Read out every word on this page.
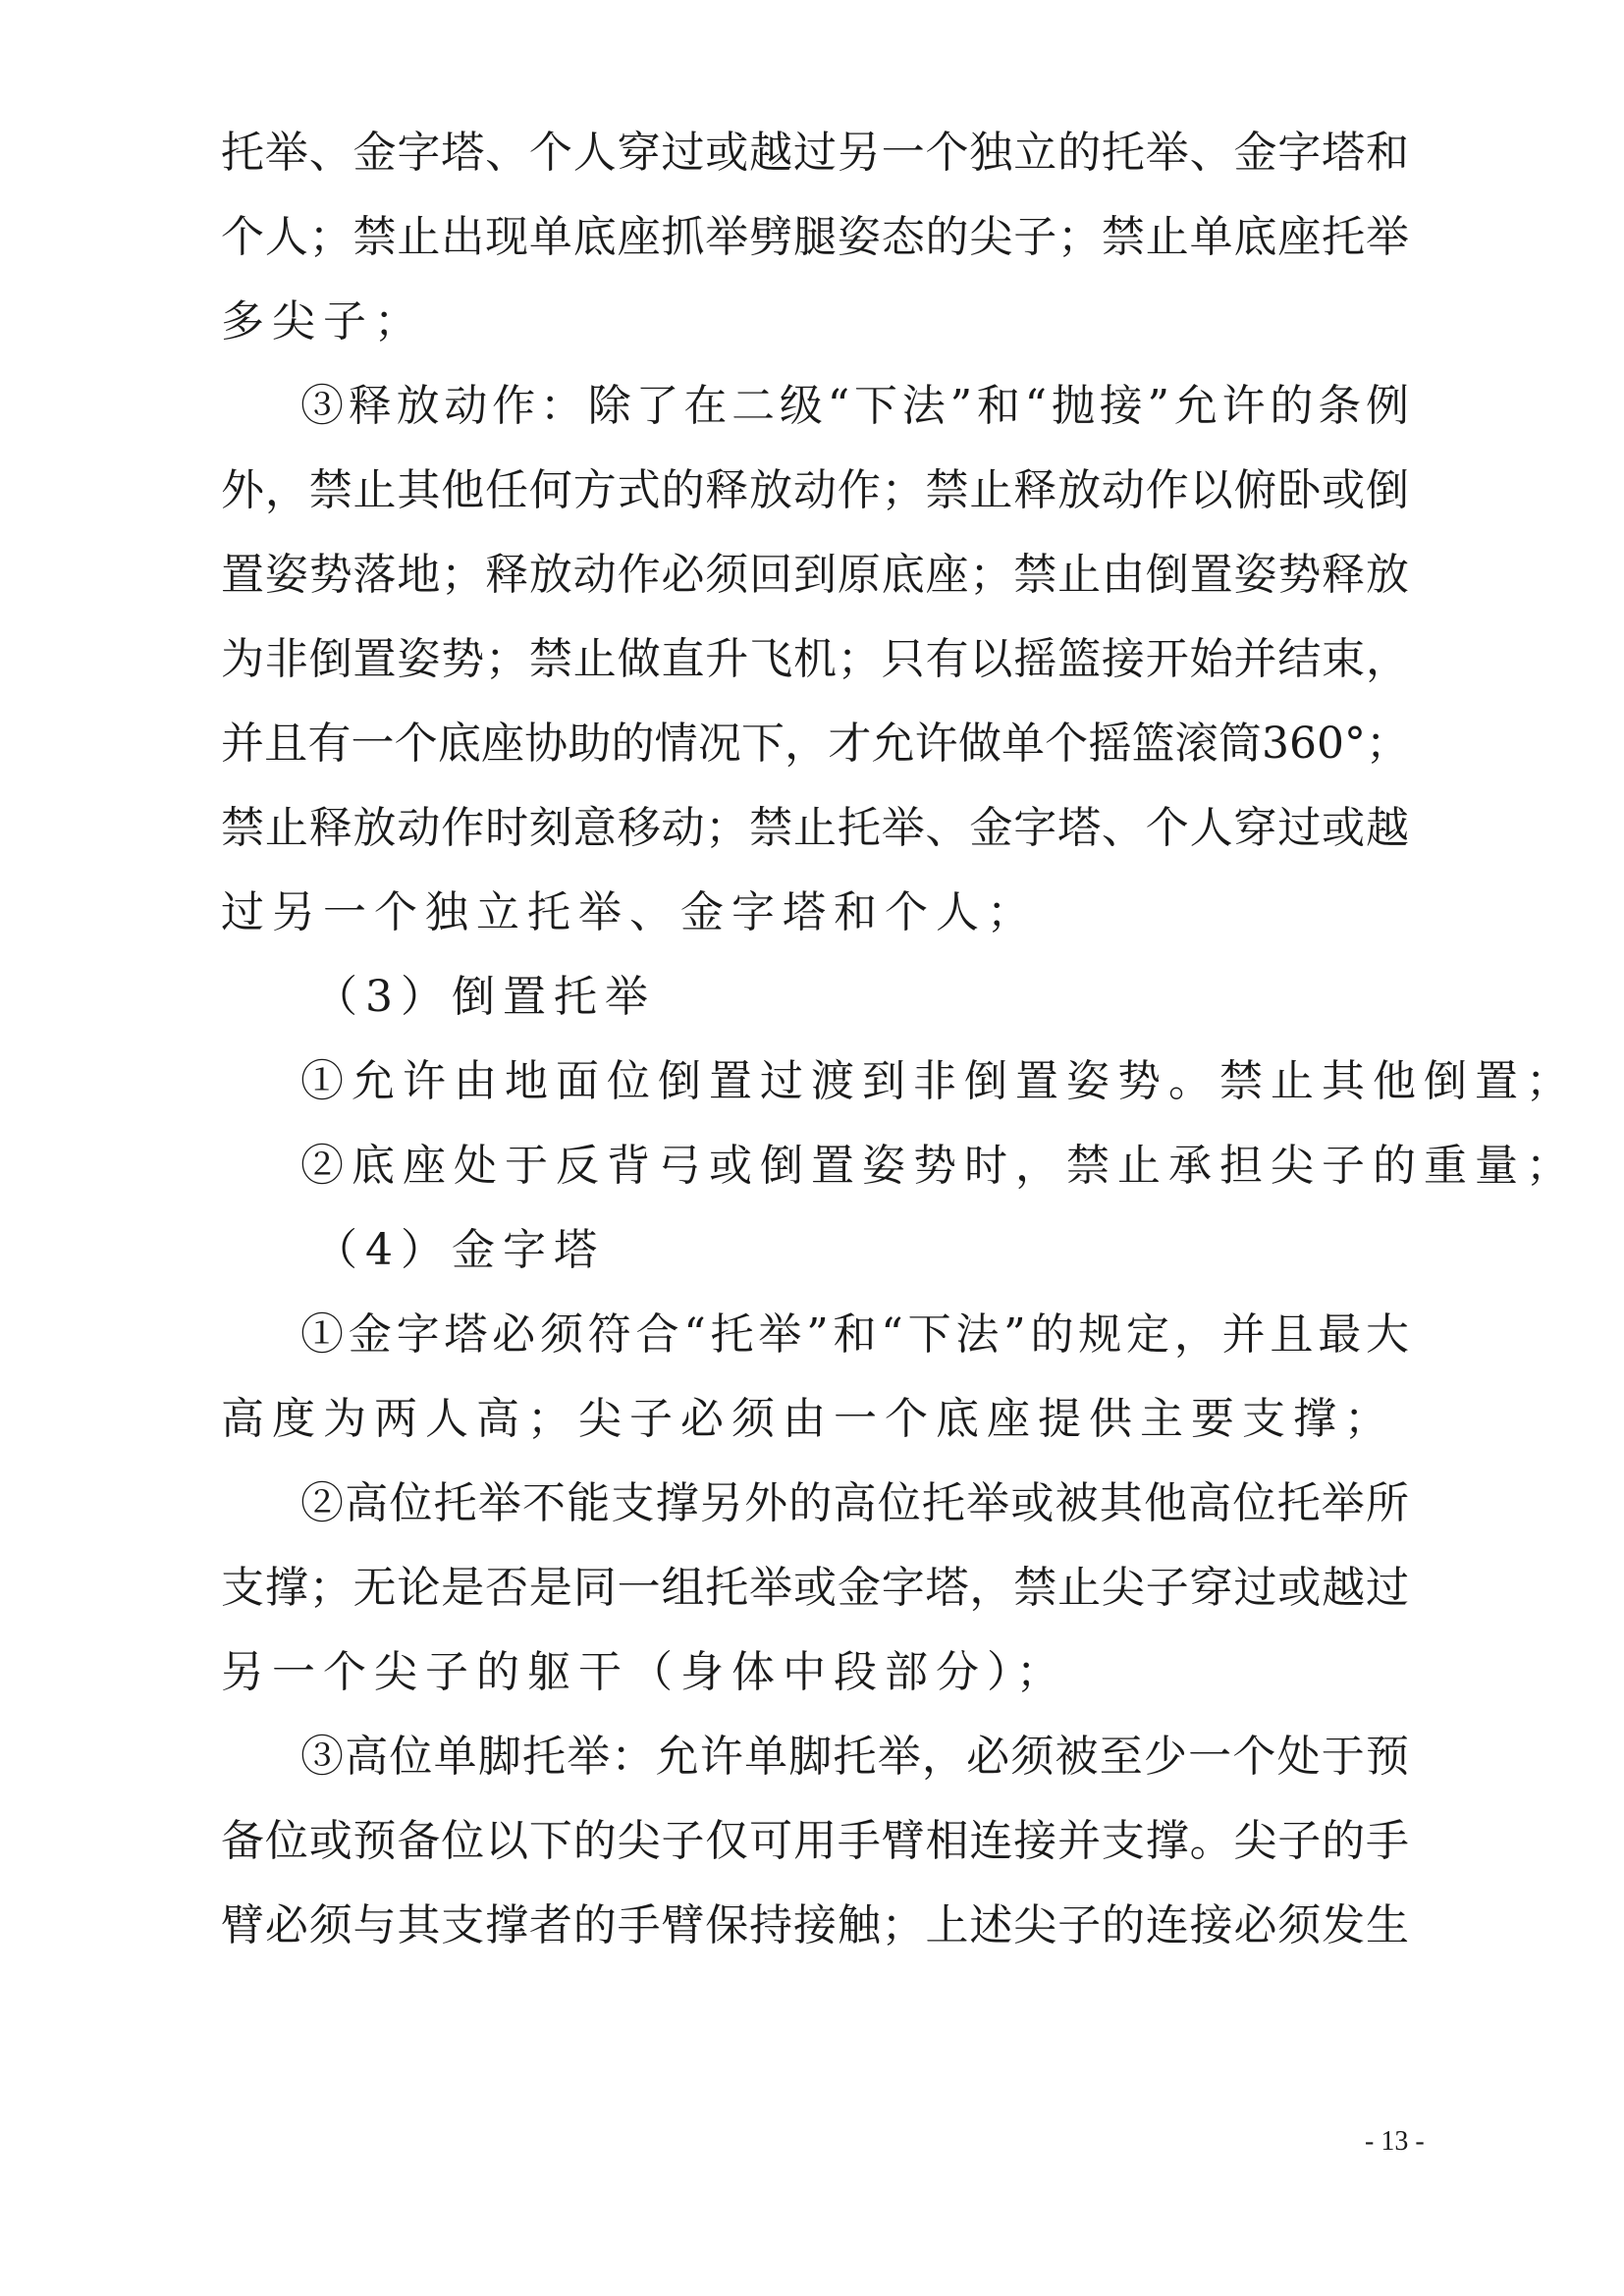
托举、金字塔、个人穿过或越过另一个独立的托举、金字塔和
个人；禁止出现单底座抓举劈腿姿态的尖子；禁止单底座托举
多尖子；
③释放动作：除了在二级“下法”和“抛接”允许的条例
外，禁止其他任何方式的释放动作；禁止释放动作以俯卧或倒
置姿势落地；释放动作必须回到原底座；禁止由倒置姿势释放
为非倒置姿势；禁止做直升飞机；只有以摇篮接开始并结束，
并且有一个底座协助的情况下，才允许做单个摇篮滚筒360°；
禁止释放动作时刻意移动；禁止托举、金字塔、个人穿过或越
过另一个独立托举、金字塔和个人；
（3）倒置托举
①允许由地面位倒置过渡到非倒置姿势。禁止其他倒置；
②底座处于反背弓或倒置姿势时，禁止承担尖子的重量；
（4）金字塔
①金字塔必须符合“托举”和“下法”的规定，并且最大
高度为两人高；尖子必须由一个底座提供主要支撑；
②高位托举不能支撑另外的高位托举或被其他高位托举所
支撑；无论是否是同一组托举或金字塔，禁止尖子穿过或越过
另一个尖子的躯干（身体中段部分）；
③高位单脚托举：允许单脚托举，必须被至少一个处于预
备位或预备位以下的尖子仅可用手臂相连接并支撑。尖子的手
臂必须与其支撑者的手臂保持接触；上述尖子的连接必须发生
- 13 -
